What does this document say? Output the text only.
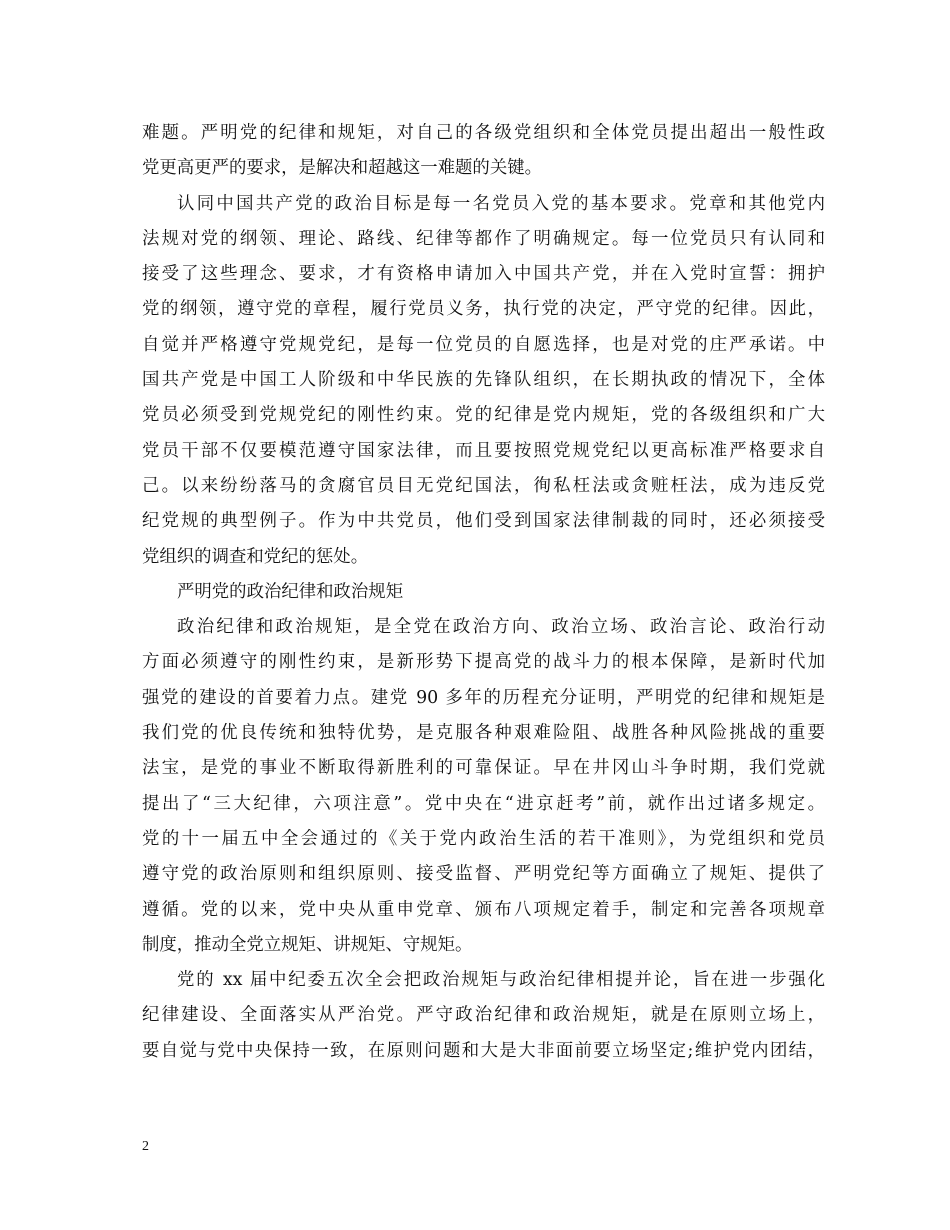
难题。严明党的纪律和规矩，对自己的各级党组织和全体党员提出超出一般性政
党更高更严的要求，是解决和超越这一难题的关键。
认同中国共产党的政治目标是每一名党员入党的基本要求。党章和其他党内
法规对党的纲领、理论、路线、纪律等都作了明确规定。每一位党员只有认同和
接受了这些理念、要求，才有资格申请加入中国共产党，并在入党时宣誓：拥护
党的纲领，遵守党的章程，履行党员义务，执行党的决定，严守党的纪律。因此，
自觉并严格遵守党规党纪，是每一位党员的自愿选择，也是对党的庄严承诺。中
国共产党是中国工人阶级和中华民族的先锋队组织，在长期执政的情况下，全体
党员必须受到党规党纪的刚性约束。党的纪律是党内规矩，党的各级组织和广大
党员干部不仅要模范遵守国家法律，而且要按照党规党纪以更高标准严格要求自
己。以来纷纷落马的贪腐官员目无党纪国法，徇私枉法或贪赃枉法，成为违反党
纪党规的典型例子。作为中共党员，他们受到国家法律制裁的同时，还必须接受
党组织的调查和党纪的惩处。
严明党的政治纪律和政治规矩
政治纪律和政治规矩，是全党在政治方向、政治立场、政治言论、政治行动
方面必须遵守的刚性约束，是新形势下提高党的战斗力的根本保障，是新时代加
强党的建设的首要着力点。建党 90 多年的历程充分证明，严明党的纪律和规矩是
我们党的优良传统和独特优势，是克服各种艰难险阻、战胜各种风险挑战的重要
法宝，是党的事业不断取得新胜利的可靠保证。早在井冈山斗争时期，我们党就
提出了“三大纪律，六项注意”。党中央在“进京赶考”前，就作出过诸多规定。
党的十一届五中全会通过的《关于党内政治生活的若干准则》，为党组织和党员
遵守党的政治原则和组织原则、接受监督、严明党纪等方面确立了规矩、提供了
遵循。党的以来，党中央从重申党章、颁布八项规定着手，制定和完善各项规章
制度，推动全党立规矩、讲规矩、守规矩。
党的 xx 届中纪委五次全会把政治规矩与政治纪律相提并论，旨在进一步强化
纪律建设、全面落实从严治党。严守政治纪律和政治规矩，就是在原则立场上，
要自觉与党中央保持一致，在原则问题和大是大非面前要立场坚定;维护党内团结，
2
